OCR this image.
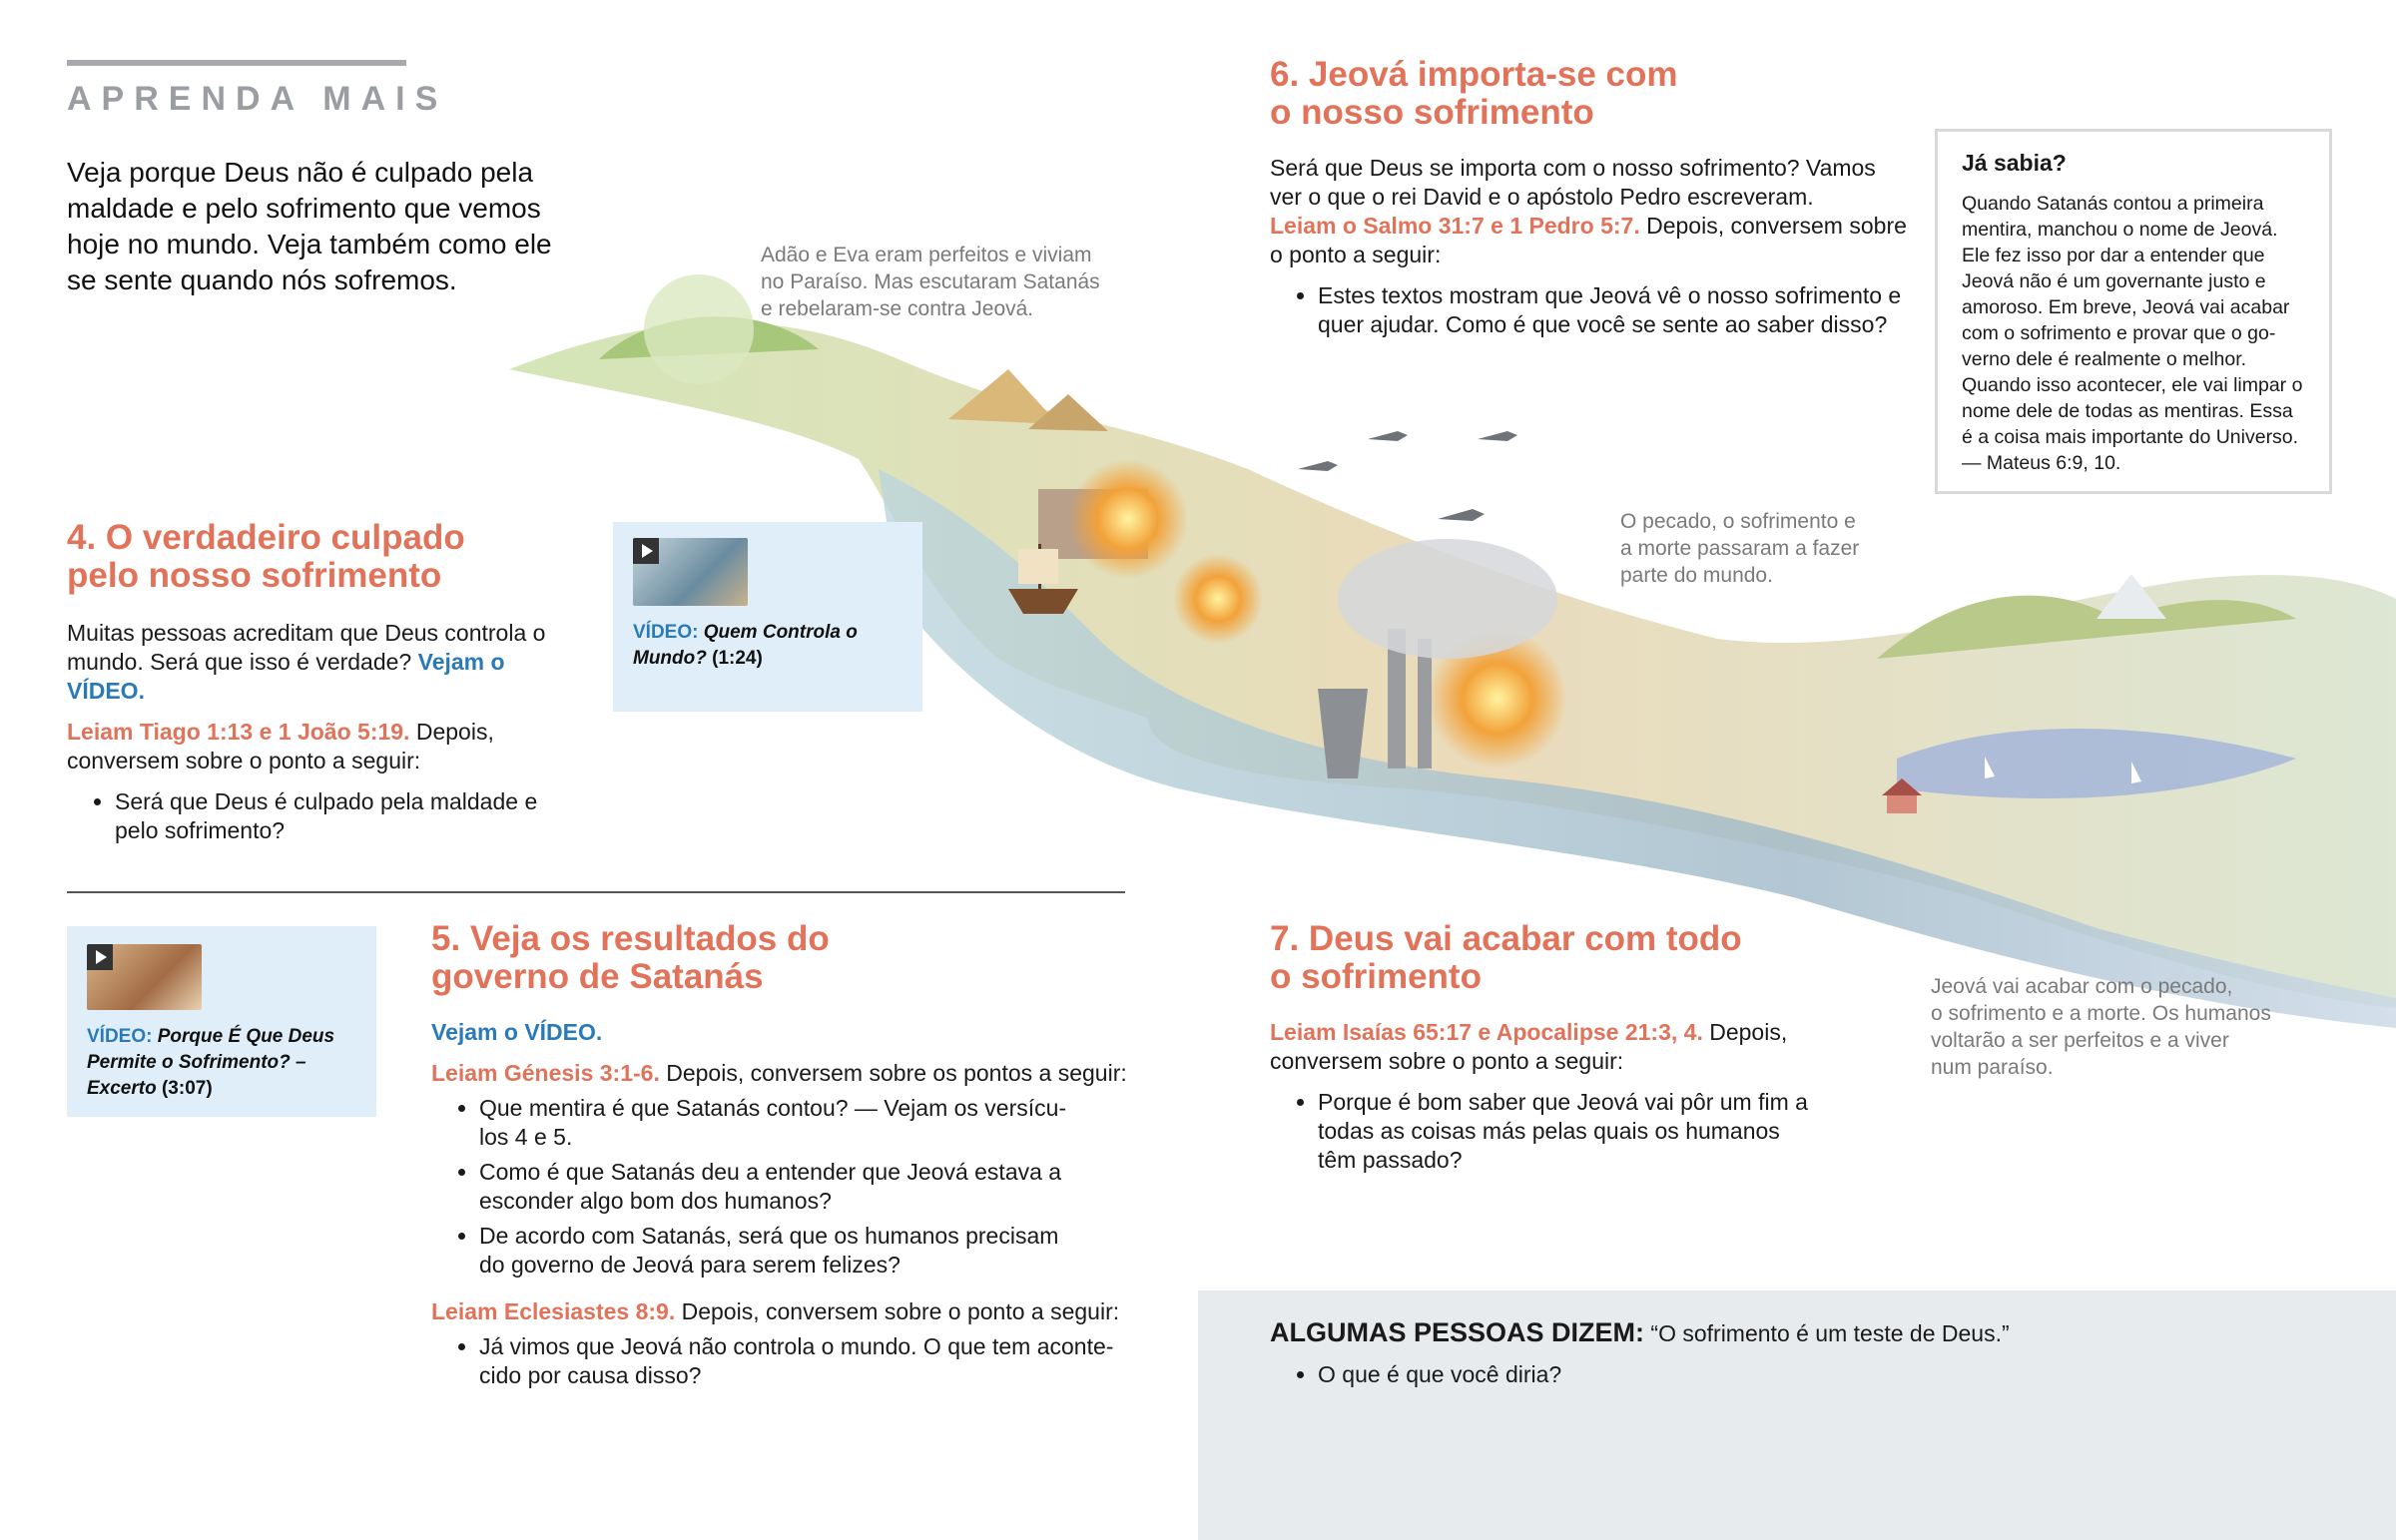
APRENDA MAIS
Veja porque Deus não é culpado pela maldade e pelo sofrimento que vemos hoje no mundo. Veja também como ele se sente quando nós sofremos.
Adão e Eva eram perfeitos e viviam
no Paraíso. Mas escutaram Satanás
e rebelaram-se contra Jeová.
O pecado, o sofrimento e
a morte passaram a fazer
parte do mundo.
Jeová vai acabar com o pecado,
o sofrimento e a morte. Os humanos
voltarão a ser perfeitos e a viver
num paraíso.
4. O verdadeiro culpado
pelo nosso sofrimento

Muitas pessoas acreditam que Deus controla o mundo. Será que isso é verdade? Vejam o VÍDEO.

Leiam Tiago 1:13 e 1 João 5:19. Depois, conversem sobre o ponto a seguir:

• Será que Deus é culpado pela maldade e pelo sofrimento?
VÍDEO: Quem Controla o Mundo? (1:24)
VÍDEO: Porque É Que Deus Permite o Sofrimento? – Excerto (3:07)
5. Veja os resultados do
governo de Satanás

Vejam o VÍDEO.

Leiam Génesis 3:1-6. Depois, conversem sobre os pontos a seguir:

• Que mentira é que Satanás contou? — Vejam os versículos 4 e 5.
• Como é que Satanás deu a entender que Jeová estava a esconder algo bom dos humanos?
• De acordo com Satanás, será que os humanos precisam do governo de Jeová para serem felizes?

Leiam Eclesiastes 8:9. Depois, conversem sobre o ponto a seguir:

• Já vimos que Jeová não controla o mundo. O que tem acontecido por causa disso?
6. Jeová importa-se com
o nosso sofrimento

Será que Deus se importa com o nosso sofrimento? Vamos ver o que o rei David e o apóstolo Pedro escreveram.

Leiam o Salmo 31:7 e 1 Pedro 5:7. Depois, conversem sobre o ponto a seguir:

• Estes textos mostram que Jeová vê o nosso sofrimento e quer ajudar. Como é que você se sente ao saber disso?
Já sabia?
Quando Satanás contou a primeira mentira, manchou o nome de Jeová. Ele fez isso por dar a entender que Jeová não é um governante justo e amoroso. Em breve, Jeová vai acabar com o sofrimento e provar que o governo dele é realmente o melhor. Quando isso acontecer, ele vai limpar o nome dele de todas as mentiras. Essa é a coisa mais importante do Universo. — Mateus 6:9, 10.
7. Deus vai acabar com todo
o sofrimento

Leiam Isaías 65:17 e Apocalipse 21:3, 4. Depois, conversem sobre o ponto a seguir:

• Porque é bom saber que Jeová vai pôr um fim a todas as coisas más pelas quais os humanos têm passado?
ALGUMAS PESSOAS DIZEM: “O sofrimento é um teste de Deus.”
• O que é que você diria?
